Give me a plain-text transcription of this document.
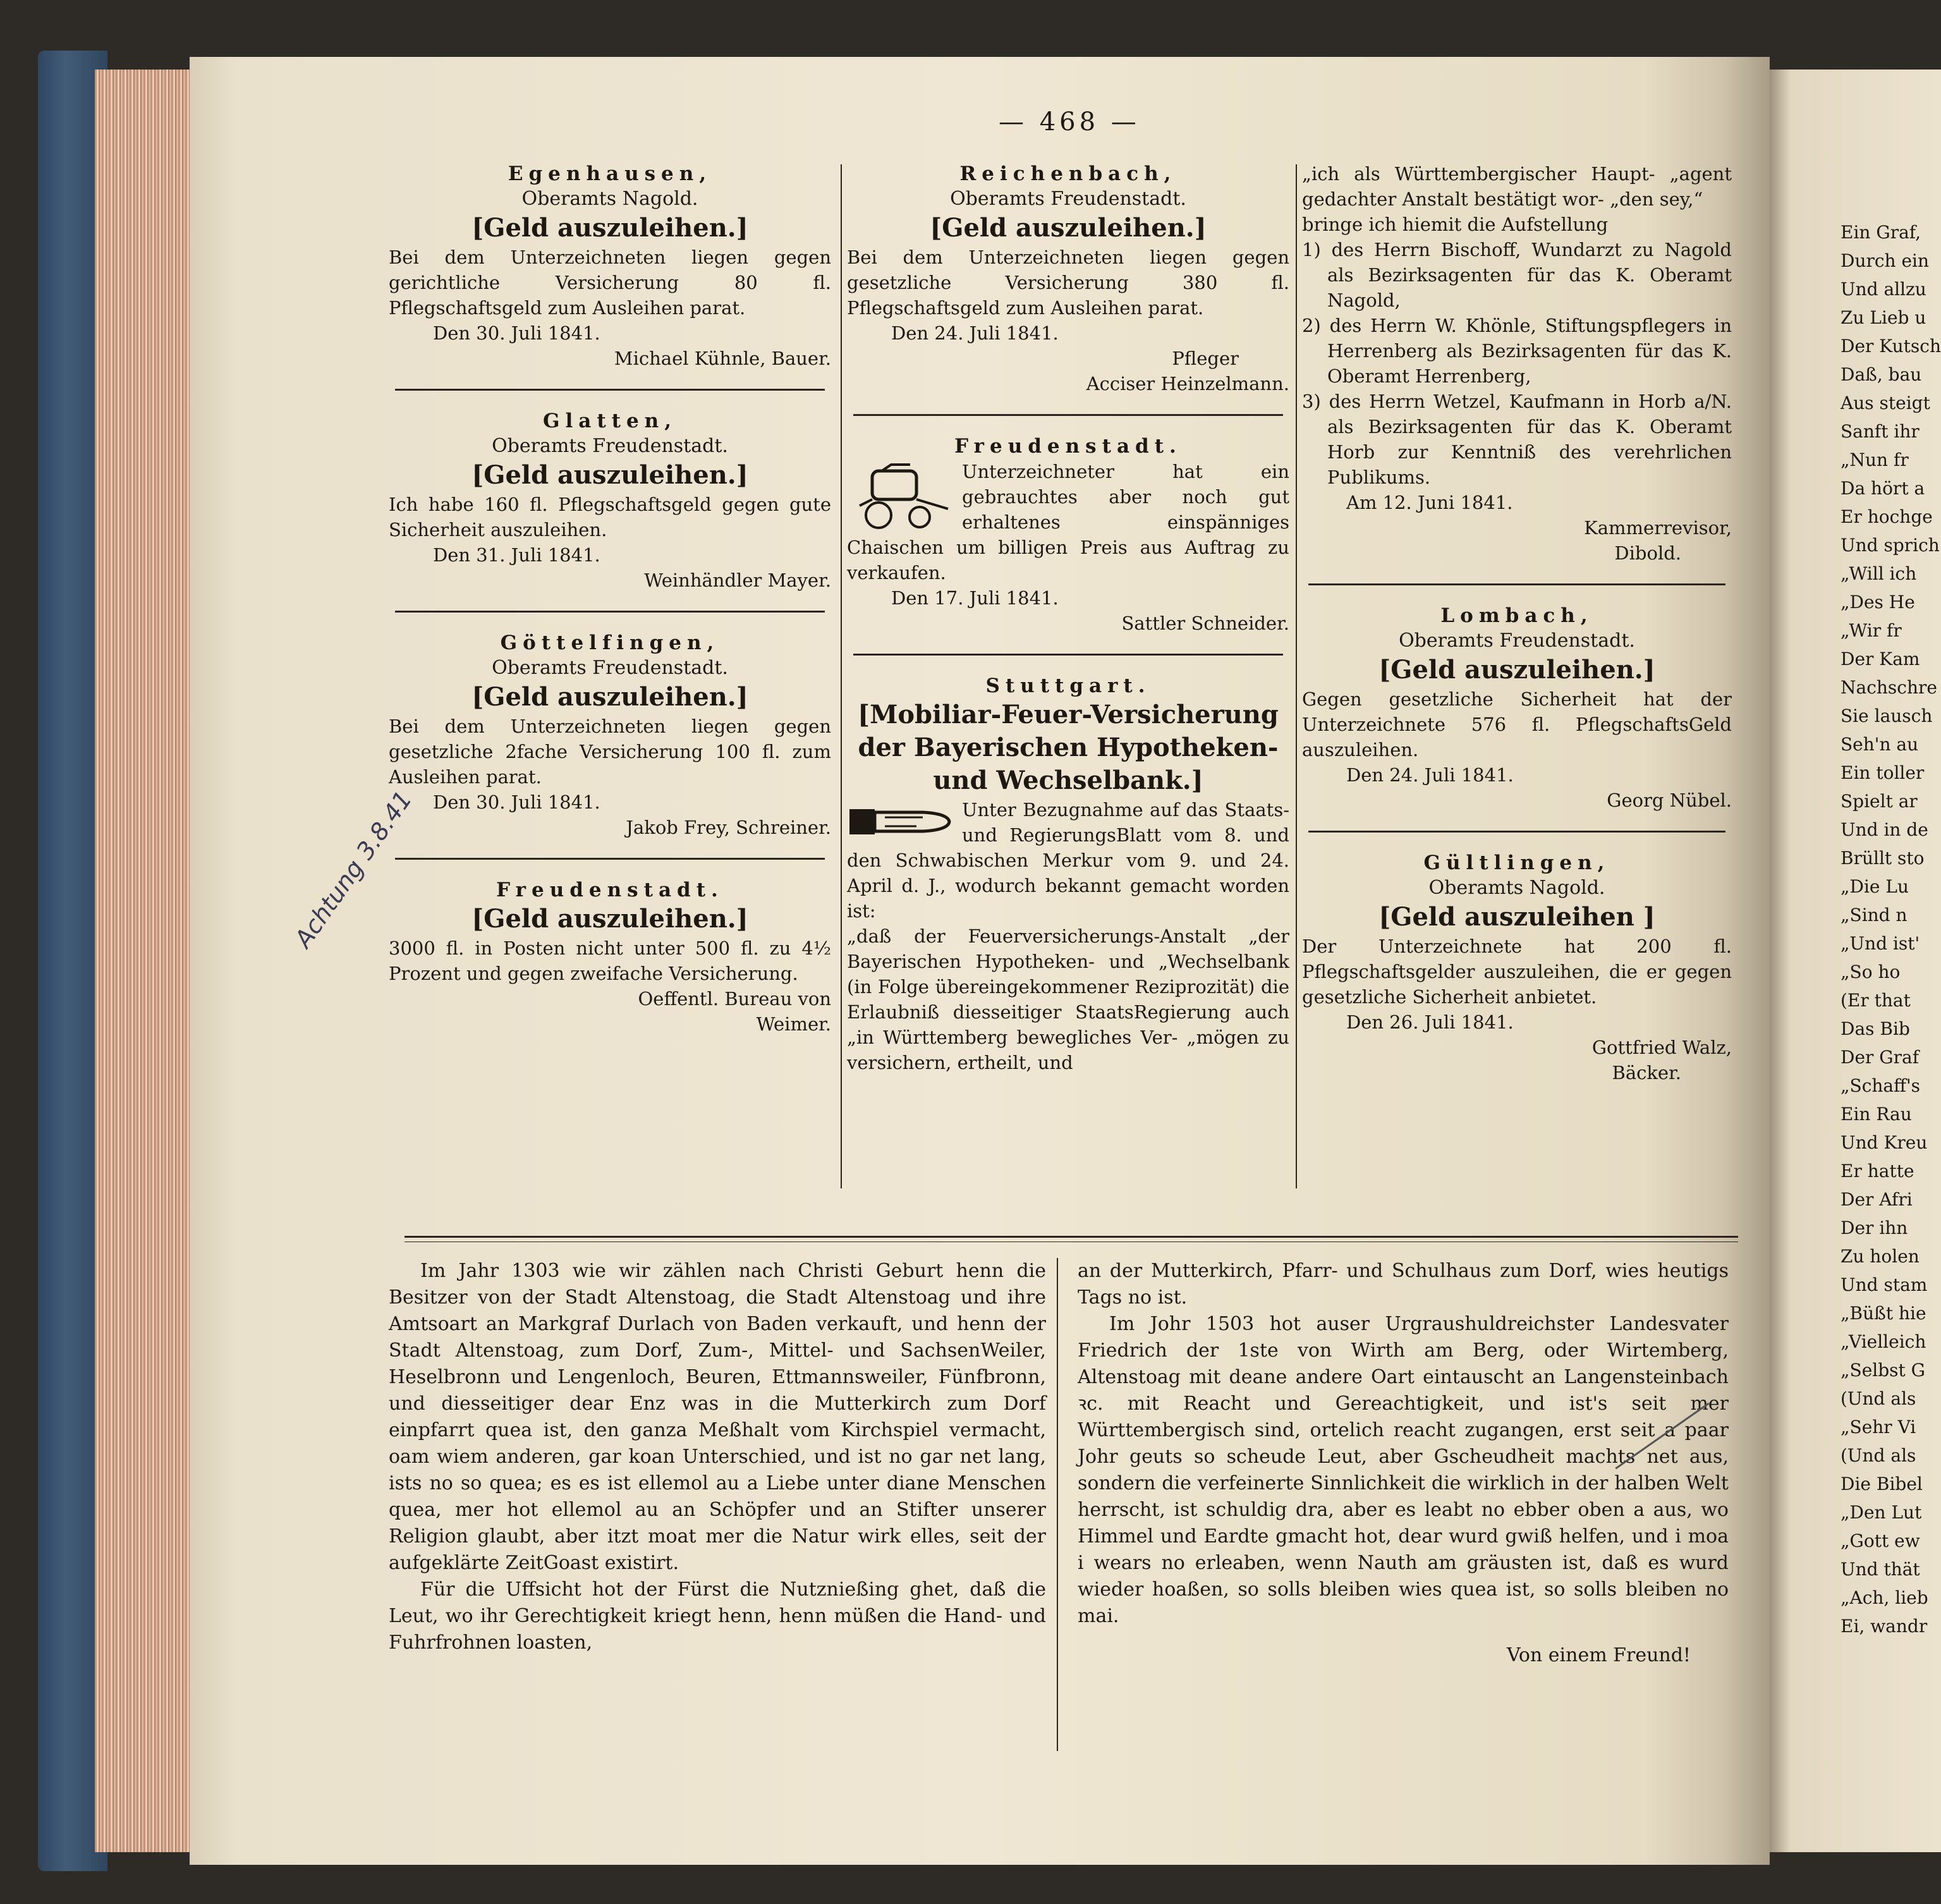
— 468 —
Egenhausen,
Oberamts Nagold.
[Geld auszuleihen.]
Bei dem Unterzeichneten liegen gegen gerichtliche Versicherung 80 fl. Pflegschaftsgeld zum Ausleihen parat.
Den 30. Juli 1841.
Michael Kühnle, Bauer.
Glatten,
Oberamts Freudenstadt.
[Geld auszuleihen.]
Ich habe 160 fl. Pflegschaftsgeld gegen gute Sicherheit auszuleihen.
Den 31. Juli 1841.
Weinhändler Mayer.
Göttelfingen,
Oberamts Freudenstadt.
[Geld auszuleihen.]
Bei dem Unterzeichneten liegen gegen gesetzliche 2fache Versicherung 100 fl. zum Ausleihen parat.
Den 30. Juli 1841.
Jakob Frey, Schreiner.
Freudenstadt.
[Geld auszuleihen.]
3000 fl. in Posten nicht unter 500 fl. zu 4½ Prozent und gegen zweifache Versicherung.
Oeffentl. Bureau von
Weimer.
Reichenbach,
Oberamts Freudenstadt.
[Geld auszuleihen.]
Bei dem Unterzeichneten liegen gegen gesetzliche Versicherung 380 fl. Pflegschaftsgeld zum Ausleihen parat.
Den 24. Juli 1841.
Pfleger
Acciser Heinzelmann.
Freudenstadt.
Unterzeichneter hat ein gebrauchtes aber noch gut erhaltenes einspänniges Chaischen um billigen Preis aus Auftrag zu verkaufen.
Den 17. Juli 1841.
Sattler Schneider.
Stuttgart.
[Mobiliar-Feuer-Versicherung der Bayerischen Hypotheken- und Wechselbank.]
Unter Bezugnahme auf das Staats- und RegierungsBlatt vom 8. und den Schwabischen Merkur vom 9. und 24. April d. J., wodurch bekannt gemacht worden ist:
„daß der Feuerversicherungs-Anstalt „der Bayerischen Hypotheken- und „Wechselbank (in Folge übereingekommener Reziprozität) die Erlaubniß diesseitiger StaatsRegierung auch „in Württemberg bewegliches Ver- „mögen zu versichern, ertheilt, und
„ich als Württembergischer Haupt- „agent gedachter Anstalt bestätigt wor- „den sey,“
bringe ich hiemit die Aufstellung
1) des Herrn Bischoff, Wundarzt zu Nagold als Bezirksagenten für das K. Oberamt Nagold,
2) des Herrn W. Khönle, Stiftungspflegers in Herrenberg als Bezirksagenten für das K. Oberamt Herrenberg,
3) des Herrn Wetzel, Kaufmann in Horb a/N. als Bezirksagenten für das K. Oberamt Horb zur Kenntniß des verehrlichen Publikums.
Am 12. Juni 1841.
Kammerrevisor,
Dibold.
Lombach,
Oberamts Freudenstadt.
[Geld auszuleihen.]
Gegen gesetzliche Sicherheit hat der Unterzeichnete 576 fl. PflegschaftsGeld auszuleihen.
Den 24. Juli 1841.
Georg Nübel.
Gültlingen,
Oberamts Nagold.
[Geld auszuleihen ]
Der Unterzeichnete hat 200 fl. Pflegschaftsgelder auszuleihen, die er gegen gesetzliche Sicherheit anbietet.
Den 26. Juli 1841.
Gottfried Walz,
Bäcker.

Im Jahr 1303 wie wir zählen nach Christi Geburt henn die Besitzer von der Stadt Altenstoag, die Stadt Altenstoag und ihre Amtsoart an Markgraf Durlach von Baden verkauft, und henn der Stadt Altenstoag, zum Dorf, Zum-, Mittel- und SachsenWeiler, Heselbronn und Lengenloch, Beuren, Ettmannsweiler, Fünfbronn, und diesseitiger dear Enz was in die Mutterkirch zum Dorf einpfarrt quea ist, den ganza Meßhalt vom Kirchspiel vermacht, oam wiem anderen, gar koan Unterschied, und ist no gar net lang, ists no so quea; es es ist ellemol au a Liebe unter diane Menschen quea, mer hot ellemol au an Schöpfer und an Stifter unserer Religion glaubt, aber itzt moat mer die Natur wirk elles, seit der aufgeklärte ZeitGoast existirt.

Für die Uffsicht hot der Fürst die Nutznießing ghet, daß die Leut, wo ihr Gerechtigkeit kriegt henn, henn müßen die Hand- und Fuhrfrohnen loasten,

an der Mutterkirch, Pfarr- und Schulhaus zum Dorf, wies heutigs Tags no ist.

Im Johr 1503 hot auser Urgraushuldreichster Landesvater Friedrich der 1ste von Wirth am Berg, oder Wirtemberg, Altenstoag mit deane andere Oart eintauscht an Langensteinbach ꝛc. mit Reacht und Gereachtigkeit, und ist's seit mer Württembergisch sind, ortelich reacht zugangen, erst seit a paar Johr geuts so scheude Leut, aber Gscheudheit machts net aus, sondern die verfeinerte Sinnlichkeit die wirklich in der halben Welt herrscht, ist schuldig dra, aber es leabt no ebber oben a aus, wo Himmel und Eardte gmacht hot, dear wurd gwiß helfen, und i moa i wears no erleaben, wenn Nauth am gräusten ist, daß es wurd wieder hoaßen, so solls bleiben wies quea ist, so solls bleiben no mai.

Von einem Freund!

Achtung 3.8.41
Ein Graf,
Durch ein
Und allzu
Zu Lieb u
Der Kutsch
Daß, bau
Aus steigt
Sanft ihr
„Nun fr
Da hört a
Er hochge
Und sprich
„Will ich
„Des He
„Wir fr
Der Kam
Nachschre
Sie lausch
Seh'n au
Ein toller
Spielt ar
Und in de
Brüllt sto
„Die Lu
„Sind n
„Und ist'
„So ho
(Er that
Das Bib
Der Graf
„Schaff's
Ein Rau
Und Kreu
Er hatte
Der Afri
Der ihn
Zu holen
Und stam
„Büßt hie
„Vielleich
„Selbst G
(Und als
„Sehr Vi
(Und als
Die Bibel
„Den Lut
„Gott ew
Und thät
„Ach, lieb
Ei, wandr
